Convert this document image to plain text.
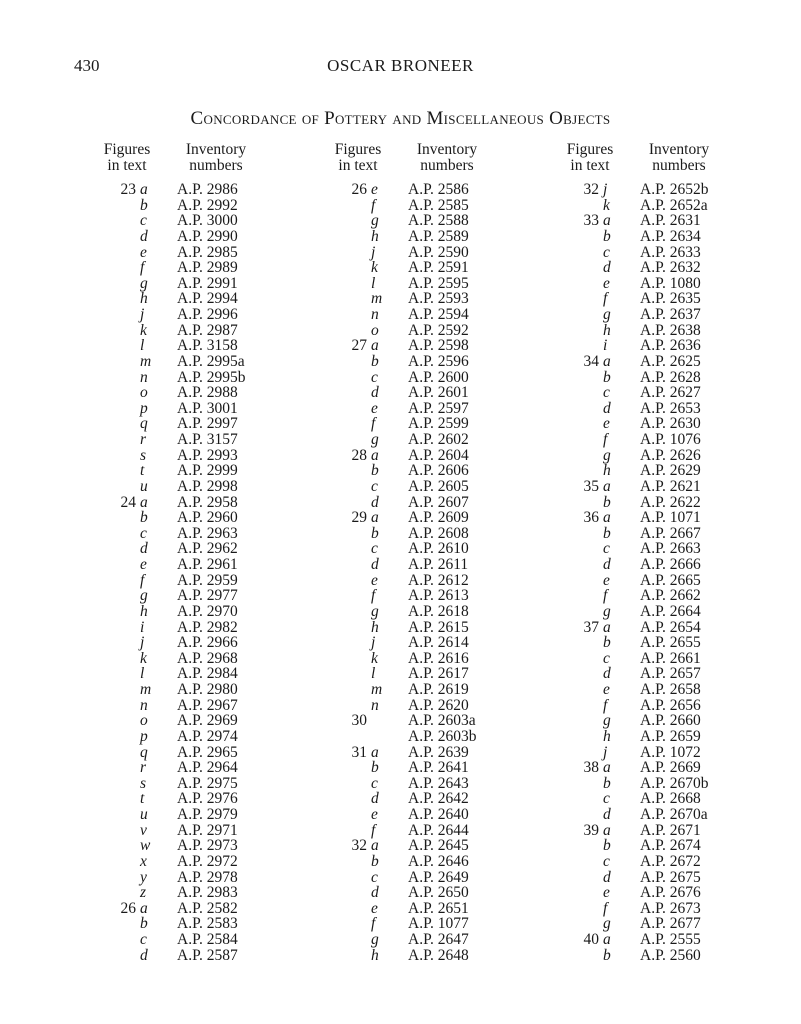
430	OSCAR BRONEER
Concordance of Pottery and Miscellaneous Objects
Figures
in text
Inventory
numbers
23 a	A.P. 2986
b	A.P. 2992
c	A.P. 3000
d	A.P. 2990
e	A.P. 2985
f	A.P. 2989
g	A.P. 2991
h	A.P. 2994
j	A.P. 2996
k	A.P. 2987
l	A.P. 3158
m	A.P. 2995a
n	A.P. 2995b
o	A.P. 2988
p	A.P. 3001
q	A.P. 2997
r	A.P. 3157
s	A.P. 2993
t	A.P. 2999
u	A.P. 2998
24 a	A.P. 2958
b	A.P. 2960
c	A.P. 2963
d	A.P. 2962
e	A.P. 2961
f	A.P. 2959
g	A.P. 2977
h	A.P. 2970
i	A.P. 2982
j	A.P. 2966
k	A.P. 2968
l	A.P. 2984
m	A.P. 2980
n	A.P. 2967
o	A.P. 2969
p	A.P. 2974
q	A.P. 2965
r	A.P. 2964
s	A.P. 2975
t	A.P. 2976
u	A.P. 2979
v	A.P. 2971
w	A.P. 2973
x	A.P. 2972
y	A.P. 2978
z	A.P. 2983
26 a	A.P. 2582
b	A.P. 2583
c	A.P. 2584
d	A.P. 2587
Figures
in text
Inventory
numbers
26 e	A.P. 2586
f	A.P. 2585
g	A.P. 2588
h	A.P. 2589
j	A.P. 2590
k	A.P. 2591
l	A.P. 2595
m	A.P. 2593
n	A.P. 2594
o	A.P. 2592
27 a	A.P. 2598
b	A.P. 2596
c	A.P. 2600
d	A.P. 2601
e	A.P. 2597
f	A.P. 2599
g	A.P. 2602
28 a	A.P. 2604
b	A.P. 2606
c	A.P. 2605
d	A.P. 2607
29 a	A.P. 2609
b	A.P. 2608
c	A.P. 2610
d	A.P. 2611
e	A.P. 2612
f	A.P. 2613
g	A.P. 2618
h	A.P. 2615
j	A.P. 2614
k	A.P. 2616
l	A.P. 2617
m	A.P. 2619
n	A.P. 2620
30	A.P. 2603a
A.P. 2603b
31 a	A.P. 2639
b	A.P. 2641
c	A.P. 2643
d	A.P. 2642
e	A.P. 2640
f	A.P. 2644
32 a	A.P. 2645
b	A.P. 2646
c	A.P. 2649
d	A.P. 2650
e	A.P. 2651
f	A.P. 1077
g	A.P. 2647
h	A.P. 2648
Figures
in text
Inventory
numbers
32 j	A.P. 2652b
k	A.P. 2652a
33 a	A.P. 2631
b	A.P. 2634
c	A.P. 2633
d	A.P. 2632
e	A.P. 1080
f	A.P. 2635
g	A.P. 2637
h	A.P. 2638
i	A.P. 2636
34 a	A.P. 2625
b	A.P. 2628
c	A.P. 2627
d	A.P. 2653
e	A.P. 2630
f	A.P. 1076
g	A.P. 2626
h	A.P. 2629
35 a	A.P. 2621
b	A.P. 2622
36 a	A.P. 1071
b	A.P. 2667
c	A.P. 2663
d	A.P. 2666
e	A.P. 2665
f	A.P. 2662
g	A.P. 2664
37 a	A.P. 2654
b	A.P. 2655
c	A.P. 2661
d	A.P. 2657
e	A.P. 2658
f	A.P. 2656
g	A.P. 2660
h	A.P. 2659
j	A.P. 1072
38 a	A.P. 2669
b	A.P. 2670b
c	A.P. 2668
d	A.P. 2670a
39 a	A.P. 2671
b	A.P. 2674
c	A.P. 2672
d	A.P. 2675
e	A.P. 2676
f	A.P. 2673
g	A.P. 2677
40 a	A.P. 2555
b	A.P. 2560
